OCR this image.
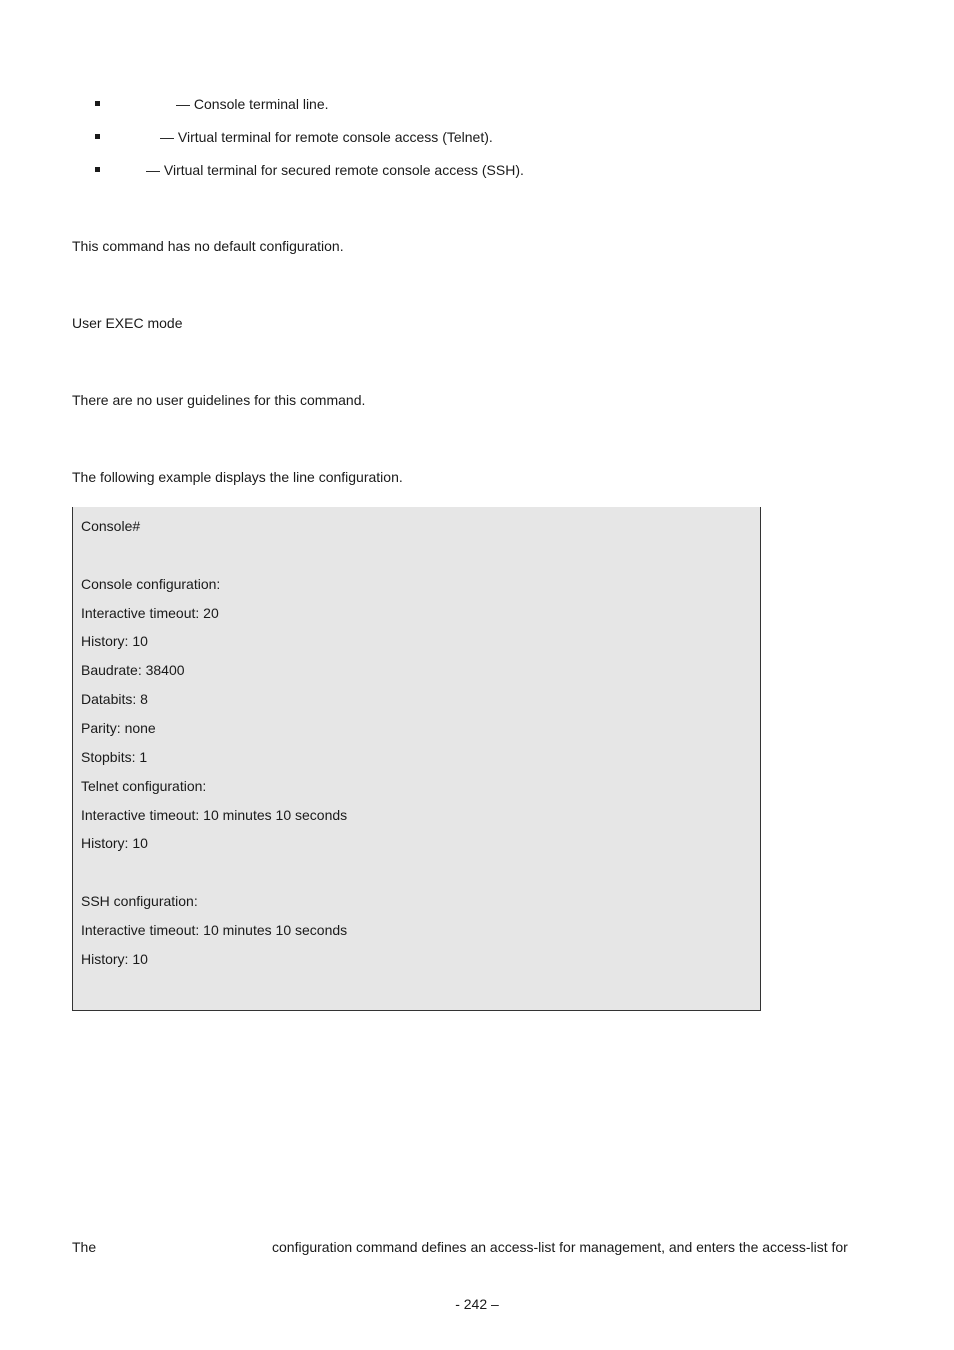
— Console terminal line.
— Virtual terminal for remote console access (Telnet).
— Virtual terminal for secured remote console access (SSH).
This command has no default configuration.
User EXEC mode
There are no user guidelines for this command.
The following example displays the line configuration.
Console#
Console configuration:
Interactive timeout: 20
History: 10
Baudrate: 38400
Databits: 8
Parity: none
Stopbits: 1
Telnet configuration:
Interactive timeout: 10 minutes 10 seconds
History: 10
SSH configuration:
Interactive timeout: 10 minutes 10 seconds
History: 10
The	configuration command defines an access-list for management, and enters the access-list for
- 242 –
